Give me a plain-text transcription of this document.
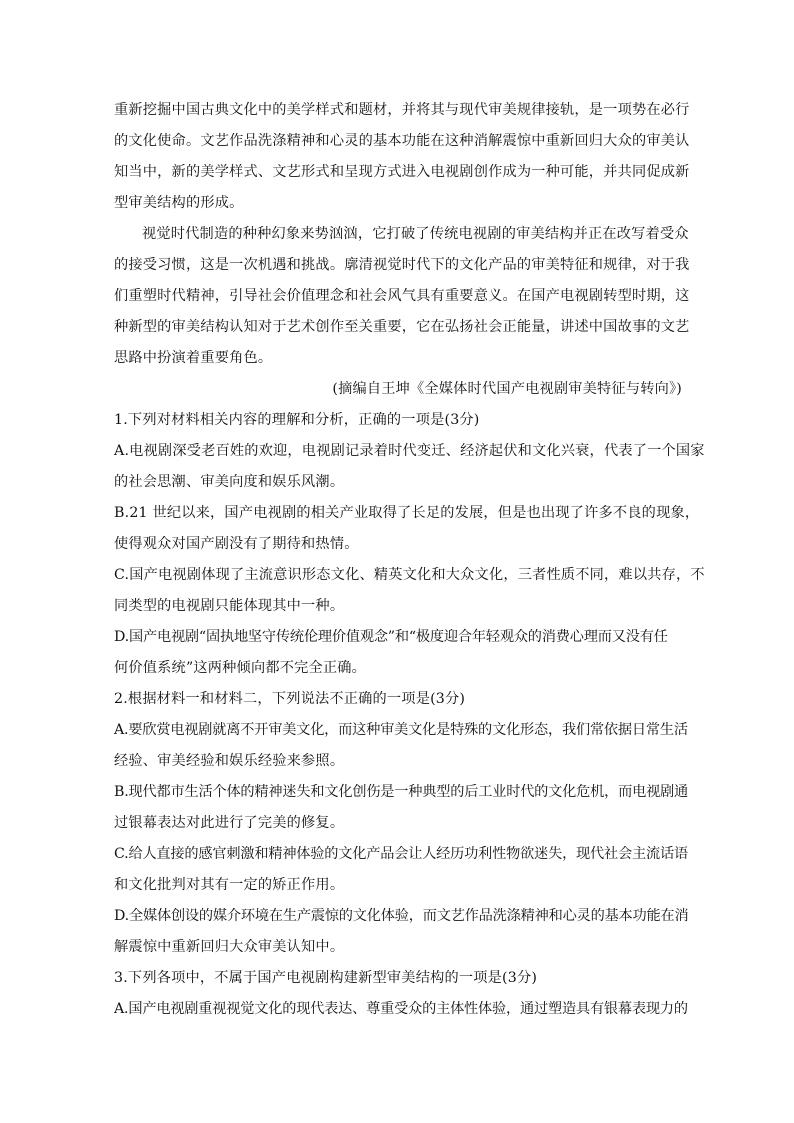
重新挖掘中国古典文化中的美学样式和题材，并将其与现代审美规律接轨，是一项势在必行
的文化使命。文艺作品洗涤精神和心灵的基本功能在这种消解震惊中重新回归大众的审美认
知当中，新的美学样式、文艺形式和呈现方式进入电视剧创作成为一种可能，并共同促成新
型审美结构的形成。
视觉时代制造的种种幻象来势汹汹，它打破了传统电视剧的审美结构并正在改写着受众
的接受习惯，这是一次机遇和挑战。廓清视觉时代下的文化产品的审美特征和规律，对于我
们重塑时代精神，引导社会价值理念和社会风气具有重要意义。在国产电视剧转型时期，这
种新型的审美结构认知对于艺术创作至关重要，它在弘扬社会正能量，讲述中国故事的文艺
思路中扮演着重要角色。
(摘编自王坤《全媒体时代国产电视剧审美特征与转向》)
1.下列对材料相关内容的理解和分析，正确的一项是(3分)
A.电视剧深受老百姓的欢迎，电视剧记录着时代变迁、经济起伏和文化兴衰，代表了一个国家
的社会思潮、审美向度和娱乐风潮。
B.21 世纪以来，国产电视剧的相关产业取得了长足的发展，但是也出现了许多不良的现象，
使得观众对国产剧没有了期待和热情。
C.国产电视剧体现了主流意识形态文化、精英文化和大众文化，三者性质不同，难以共存，不
同类型的电视剧只能体现其中一种。
D.国产电视剧“固执地坚守传统伦理价值观念”和“极度迎合年轻观众的消费心理而又没有任
何价值系统”这两种倾向都不完全正确。
2.根据材料一和材料二，下列说法不正确的一项是(3分)
A.要欣赏电视剧就离不开审美文化，而这种审美文化是特殊的文化形态，我们常依据日常生活
经验、审美经验和娱乐经验来参照。
B.现代都市生活个体的精神迷失和文化创伤是一种典型的后工业时代的文化危机，而电视剧通
过银幕表达对此进行了完美的修复。
C.给人直接的感官刺激和精神体验的文化产品会让人经历功利性物欲迷失，现代社会主流话语
和文化批判对其有一定的矫正作用。
D.全媒体创设的媒介环境在生产震惊的文化体验，而文艺作品洗涤精神和心灵的基本功能在消
解震惊中重新回归大众审美认知中。
3.下列各项中，不属于国产电视剧构建新型审美结构的一项是(3分)
A.国产电视剧重视视觉文化的现代表达、尊重受众的主体性体验，通过塑造具有银幕表现力的
